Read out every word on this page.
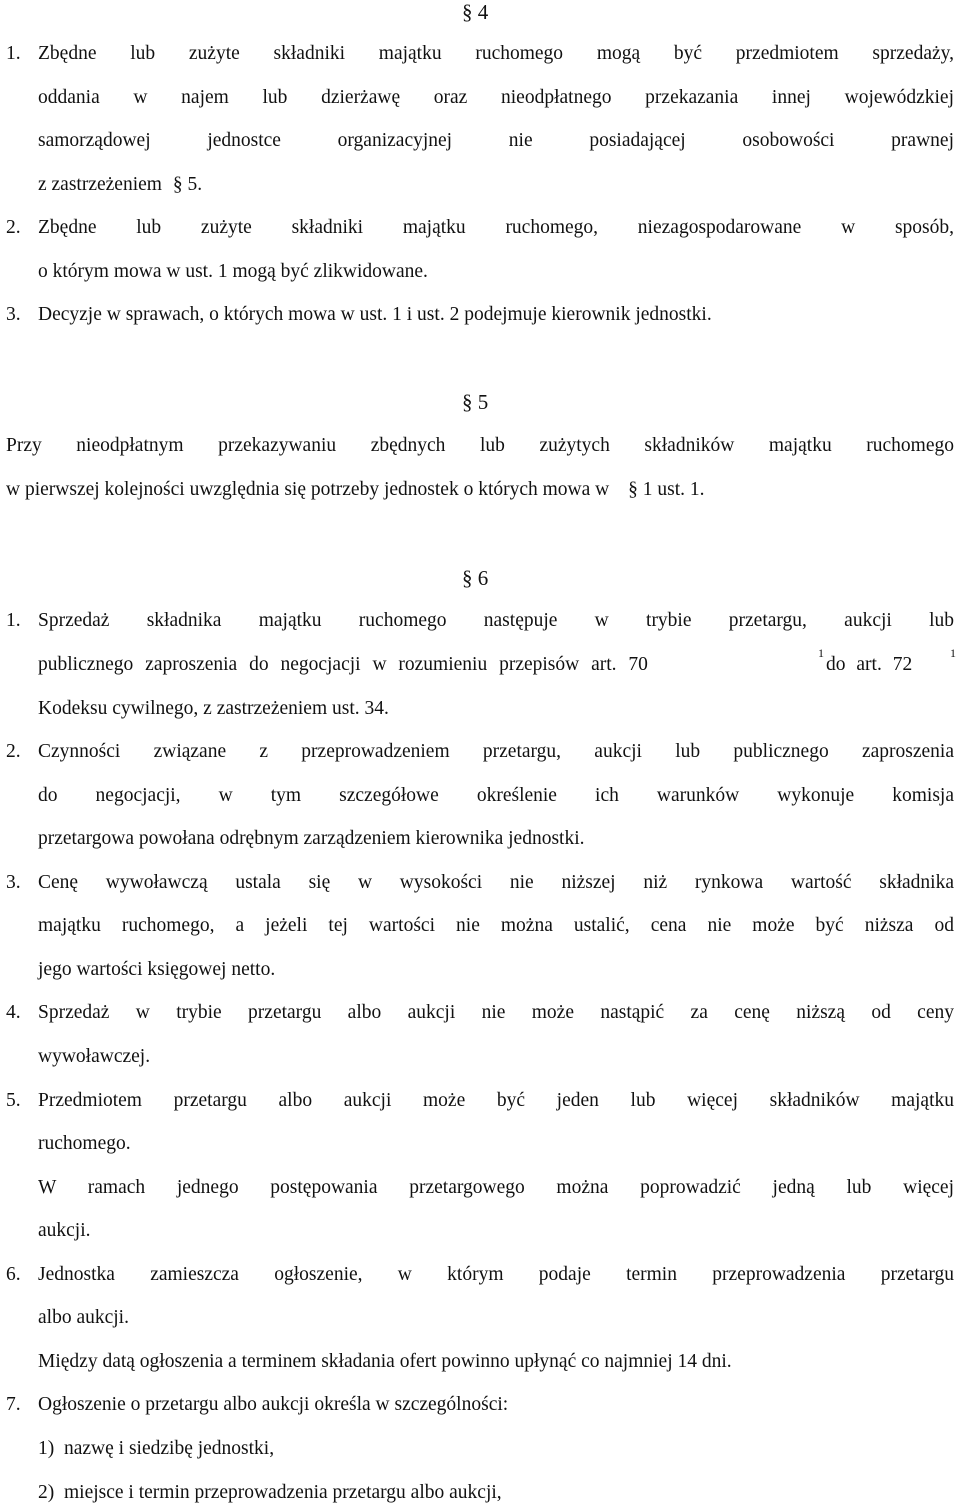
§ 4
1. Zbędne lub zużyte składniki majątku ruchomego mogą być przedmiotem sprzedaży,
oddania w najem lub dzierżawę oraz nieodpłatnego przekazania innej wojewódzkiej
samorządowej jednostce organizacyjnej nie posiadającej osobowości prawnej
z zastrzeżeniem § 5.
2. Zbędne lub zużyte składniki majątku ruchomego, niezagospodarowane w sposób,
o którym mowa w ust. 1 mogą być zlikwidowane.
3. Decyzje w sprawach, o których mowa w ust. 1 i ust. 2 podejmuje kierownik jednostki.
§ 5
Przy nieodpłatnym przekazywaniu zbędnych lub zużytych składników majątku ruchomego
w pierwszej kolejności uwzględnia się potrzeby jednostek o których mowa w § 1 ust. 1.
§ 6
1. Sprzedaż składnika majątku ruchomego następuje w trybie przetargu, aukcji lub
publicznego zaproszenia do negocjacji w rozumieniu przepisów art. 70
1
do art. 72
1
Kodeksu cywilnego, z zastrzeżeniem ust. 34.
2. Czynności związane z przeprowadzeniem przetargu, aukcji lub publicznego zaproszenia
do negocjacji, w tym szczegółowe określenie ich warunków wykonuje komisja
przetargowa powołana odrębnym zarządzeniem kierownika jednostki.
3. Cenę wywoławczą ustala się w wysokości nie niższej niż rynkowa wartość składnika
majątku ruchomego, a jeżeli tej wartości nie można ustalić, cena nie może być niższa od
jego wartości księgowej netto.
4. Sprzedaż w trybie przetargu albo aukcji nie może nastąpić za cenę niższą od ceny
wywoławczej.
5. Przedmiotem przetargu albo aukcji może być jeden lub więcej składników majątku
ruchomego.
W ramach jednego postępowania przetargowego można poprowadzić jedną lub więcej
aukcji.
6. Jednostka zamieszcza ogłoszenie, w którym podaje termin przeprowadzenia przetargu
albo aukcji.
Między datą ogłoszenia a terminem składania ofert powinno upłynąć co najmniej 14 dni.
7. Ogłoszenie o przetargu albo aukcji określa w szczególności:
1)  nazwę i siedzibę jednostki,
2)  miejsce i termin przeprowadzenia przetargu albo aukcji,
